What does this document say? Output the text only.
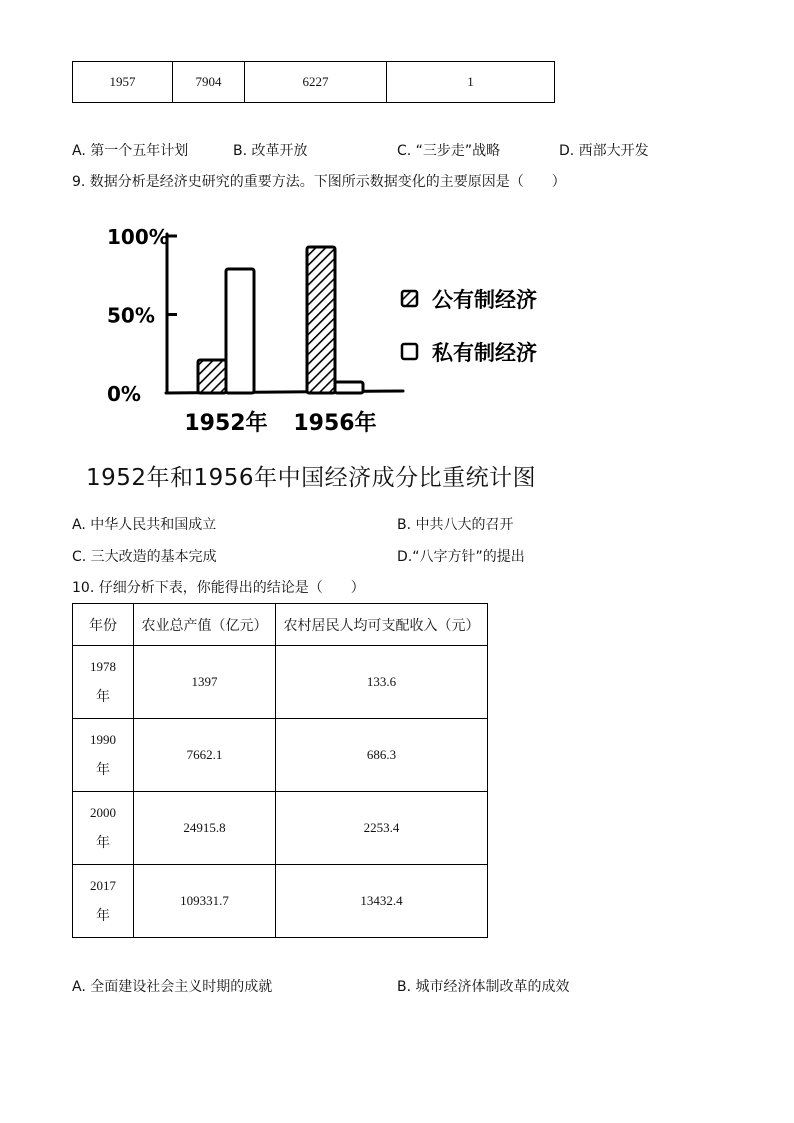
1957	7904	6227	1
A. 第一个五年计划	B. 改革开放	C. “三步走”战略	D. 西部大开发
9. 数据分析是经济史研究的重要方法。下图所示数据变化的主要原因是（　　）
100%
50%
0%
1952年 1956年
公有制经济
私有制经济
1952年和1956年中国经济成分比重统计图
A. 中华人民共和国成立	B. 中共八大的召开
C. 三大改造的基本完成	D.“八字方针”的提出
10. 仔细分析下表，你能得出的结论是（　　）
年份	农业总产值（亿元）	农村居民人均可支配收入（元）

1978
年	1397	133.6

1990
年	7662.1	686.3

2000
年	24915.8	2253.4

2017
年	109331.7	13432.4
A. 全面建设社会主义时期的成就	B. 城市经济体制改革的成效
